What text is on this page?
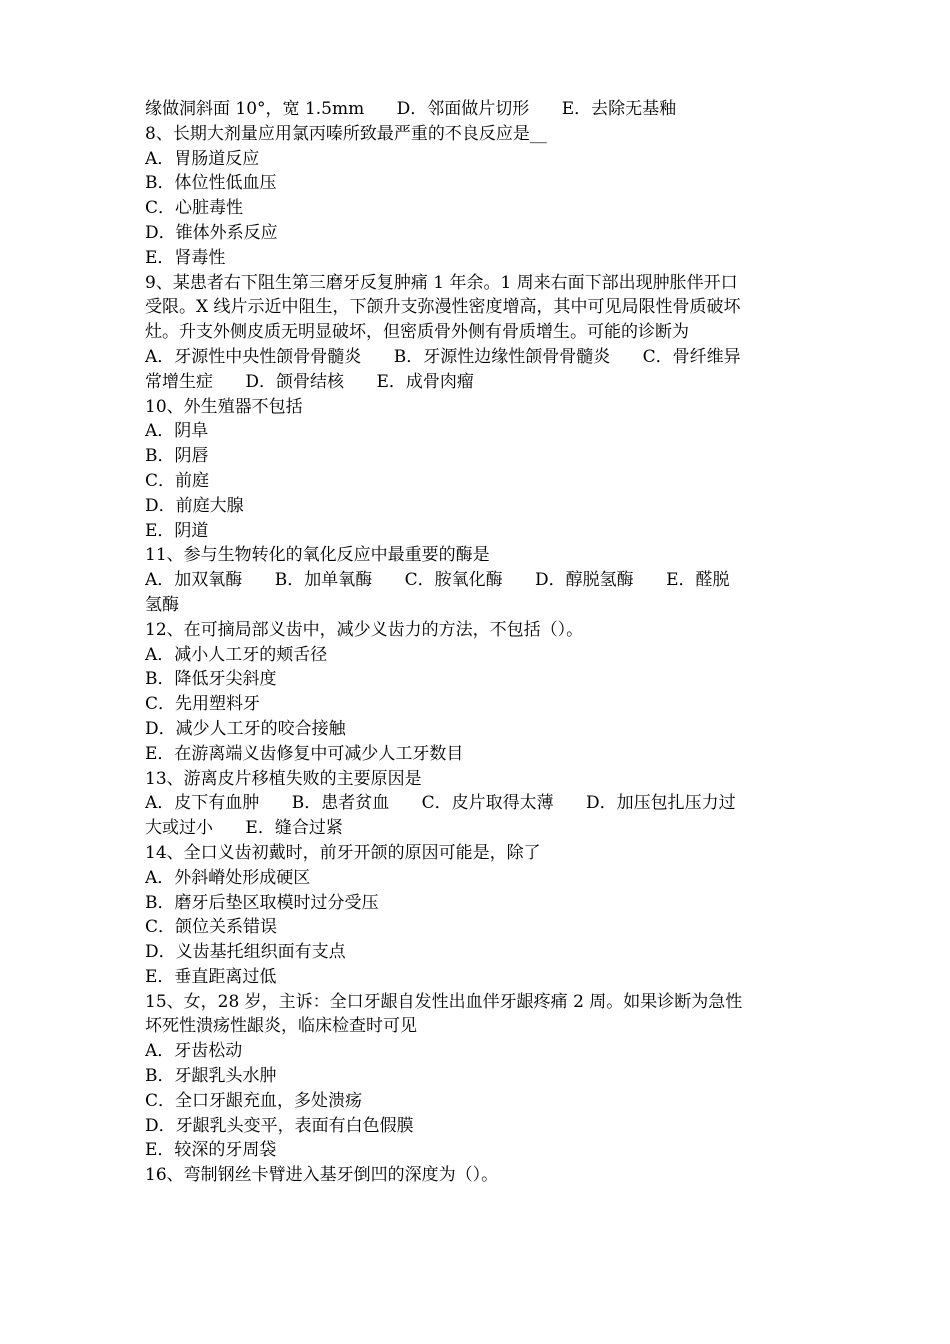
缘做洞斜面 10°，宽 1.5mm      D．邻面做片切形      E．去除无基釉
8、长期大剂量应用氯丙嗪所致最严重的不良反应是__
A．胃肠道反应
B．体位性低血压
C．心脏毒性
D．锥体外系反应
E．肾毒性
9、某患者右下阻生第三磨牙反复肿痛 1 年余。1 周来右面下部出现肿胀伴开口
受限。X 线片示近中阻生，下颌升支弥漫性密度增高，其中可见局限性骨质破坏
灶。升支外侧皮质无明显破坏，但密质骨外侧有骨质增生。可能的诊断为
A．牙源性中央性颌骨骨髓炎      B．牙源性边缘性颌骨骨髓炎      C．骨纤维异
常增生症      D．颌骨结核      E．成骨肉瘤
10、外生殖器不包括
A．阴阜
B．阴唇
C．前庭
D．前庭大腺
E．阴道
11、参与生物转化的氧化反应中最重要的酶是
A．加双氧酶      B．加单氧酶      C．胺氧化酶      D．醇脱氢酶      E．醛脱
氢酶
12、在可摘局部义齿中，减少义齿力的方法，不包括（）。
A．减小人工牙的颊舌径
B．降低牙尖斜度
C．先用塑料牙
D．减少人工牙的咬合接触
E．在游离端义齿修复中可减少人工牙数目
13、游离皮片移植失败的主要原因是
A．皮下有血肿      B．患者贫血      C．皮片取得太薄      D．加压包扎压力过
大或过小      E．缝合过紧
14、全口义齿初戴时，前牙开颌的原因可能是，除了
A．外斜嵴处形成硬区
B．磨牙后垫区取模时过分受压
C．颌位关系错误
D．义齿基托组织面有支点
E．垂直距离过低
15、女，28 岁，主诉：全口牙龈自发性出血伴牙龈疼痛 2 周。如果诊断为急性
坏死性溃疡性龈炎，临床检查时可见
A．牙齿松动
B．牙龈乳头水肿
C．全口牙龈充血，多处溃疡
D．牙龈乳头变平，表面有白色假膜
E．较深的牙周袋
16、弯制钢丝卡臂进入基牙倒凹的深度为（）。
